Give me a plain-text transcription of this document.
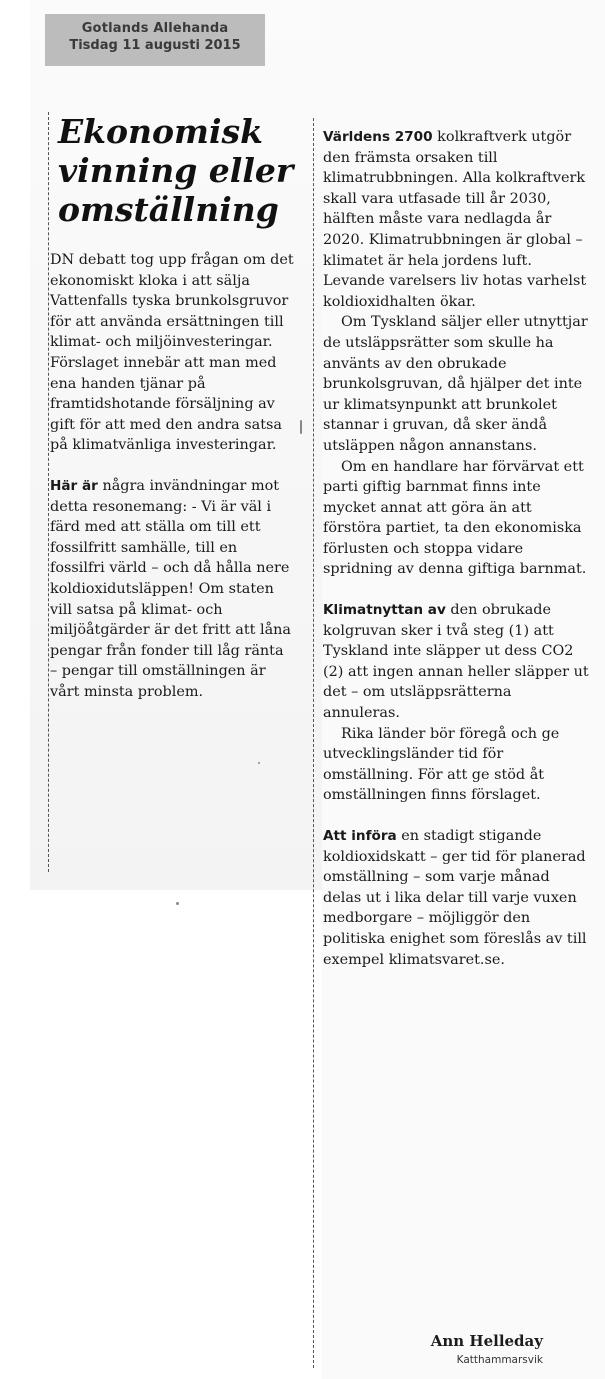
Gotlands Allehanda
Tisdag 11 augusti 2015
Ekonomisk
vinning eller
omställning

DN debatt tog upp frågan om det ekonomiskt kloka i att sälja Vattenfalls tyska brunkolsgruvor för att använda ersättningen till klimat- och miljöinvesteringar. Förslaget innebär att man med ena handen tjänar på framtidshotande försäljning av gift för att med den andra satsa på klimatvänliga investeringar.

Här är några invändningar mot detta resonemang: - Vi är väl i färd med att ställa om till ett fossilfritt samhälle, till en fossilfri värld – och då hålla nere koldioxidutsläppen! Om staten vill satsa på klimat- och miljöåtgärder är det fritt att låna pengar från fonder till låg ränta – pengar till omställningen är vårt minsta problem.

Världens 2700 kolkraftverk utgör den främsta orsaken till klimatrubbningen. Alla kolkraftverk skall vara utfasade till år 2030, hälften måste vara nedlagda år 2020. Klimatrubbningen är global – klimatet är hela jordens luft. Levande varelsers liv hotas varhelst koldioxidhalten ökar.

Om Tyskland säljer eller utnyttjar de utsläppsrätter som skulle ha använts av den obrukade brunkolsgruvan, då hjälper det inte ur klimatsynpunkt att brunkolet stannar i gruvan, då sker ändå utsläppen någon annanstans.

Om en handlare har förvärvat ett parti giftig barnmat finns inte mycket annat att göra än att förstöra partiet, ta den ekonomiska förlusten och stoppa vidare spridning av denna giftiga barnmat.

Klimatnyttan av den obrukade kolgruvan sker i två steg (1) att Tyskland inte släpper ut dess CO2 (2) att ingen annan heller släpper ut det – om utsläppsrätterna annuleras.

Rika länder bör föregå och ge utvecklingsländer tid för omställning. För att ge stöd åt omställningen finns förslaget.

Att införa en stadigt stigande koldioxidskatt – ger tid för planerad omställning – som varje månad delas ut i lika delar till varje vuxen medborgare – möjliggör den politiska enighet som föreslås av till exempel klimatsvaret.se.

Ann Helleday
Katthammarsvik
